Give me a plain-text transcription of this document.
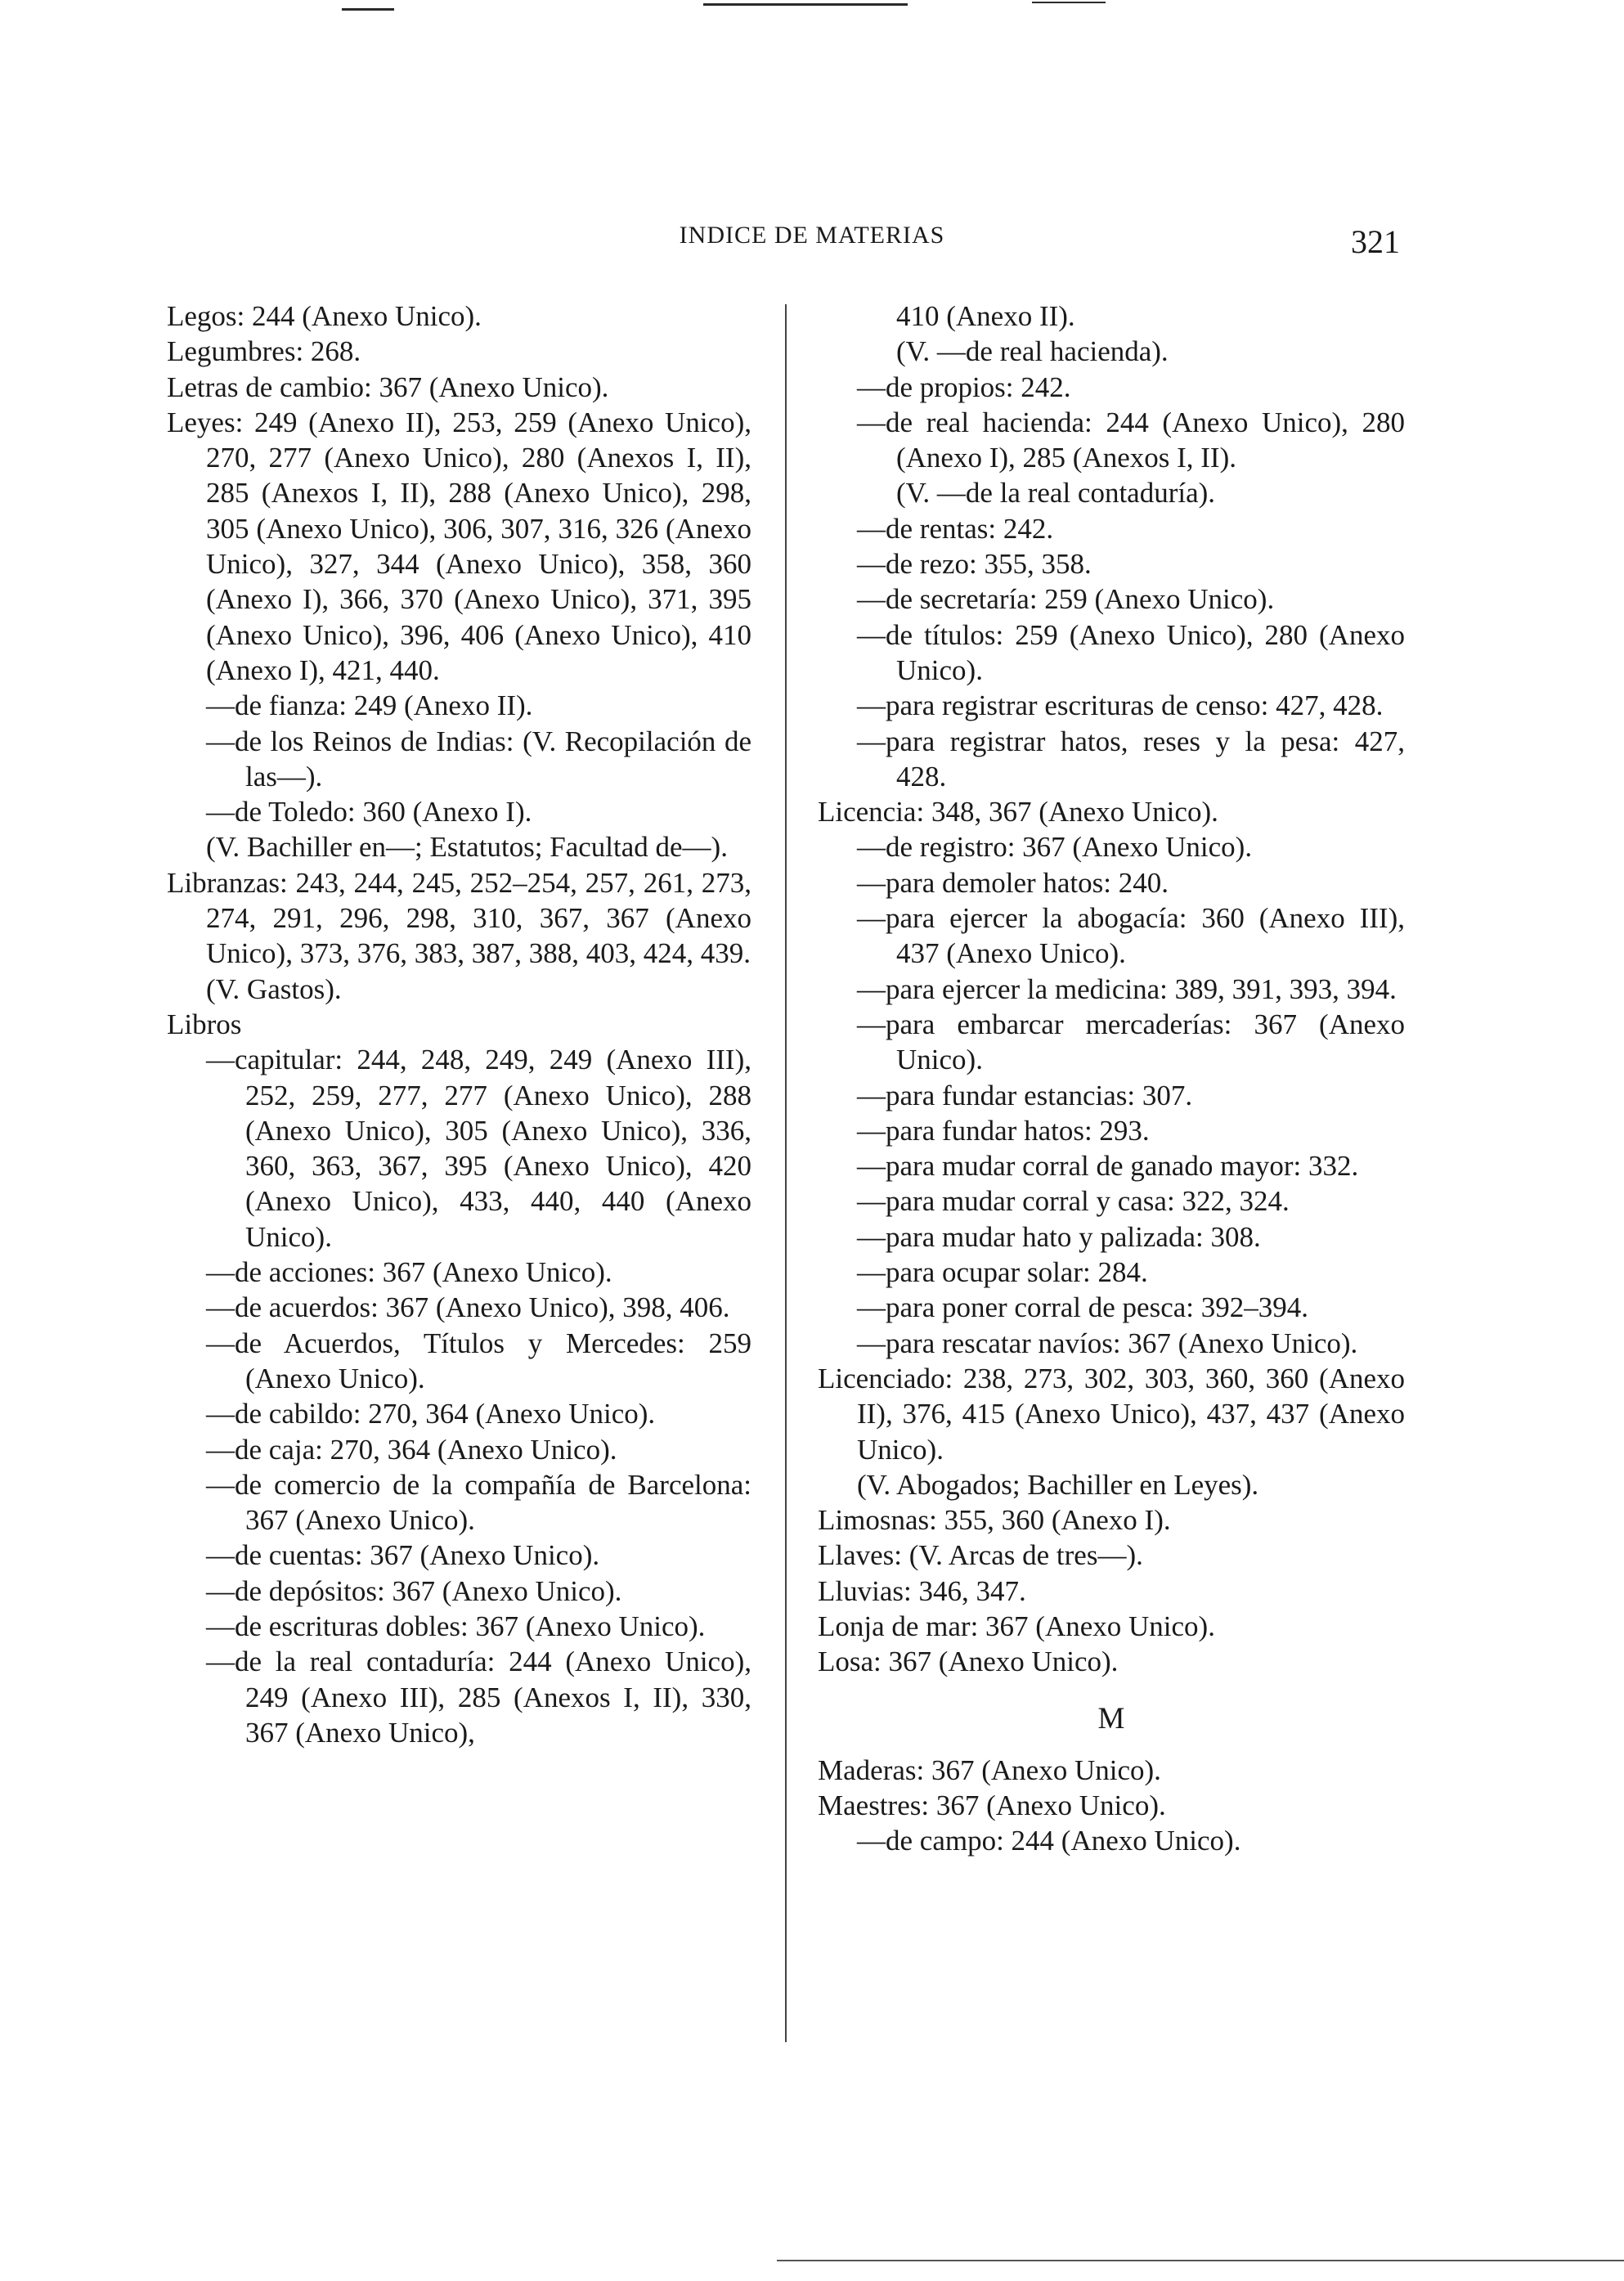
INDICE DE MATERIAS	321

Legos: 244 (Anexo Unico).

Legumbres: 268.

Letras de cambio: 367 (Anexo Unico).

Leyes: 249 (Anexo II), 253, 259 (Anexo Unico), 270, 277 (Anexo Unico), 280 (Anexos I, II), 285 (Anexos I, II), 288 (Anexo Unico), 298, 305 (Anexo Unico), 306, 307, 316, 326 (Anexo Unico), 327, 344 (Anexo Unico), 358, 360 (Anexo I), 366, 370 (Anexo Unico), 371, 395 (Anexo Unico), 396, 406 (Anexo Unico), 410 (Anexo I), 421, 440.

—de fianza: 249 (Anexo II).

—de los Reinos de Indias: (V. Recopilación de las—).

—de Toledo: 360 (Anexo I).

(V. Bachiller en—; Estatutos; Facultad de—).

Libranzas: 243, 244, 245, 252–254, 257, 261, 273, 274, 291, 296, 298, 310, 367, 367 (Anexo Unico), 373, 376, 383, 387, 388, 403, 424, 439.

(V. Gastos).

Libros

—capitular: 244, 248, 249, 249 (Anexo III), 252, 259, 277, 277 (Anexo Unico), 288 (Anexo Unico), 305 (Anexo Unico), 336, 360, 363, 367, 395 (Anexo Unico), 420 (Anexo Unico), 433, 440, 440 (Anexo Unico).

—de acciones: 367 (Anexo Unico).

—de acuerdos: 367 (Anexo Unico), 398, 406.

—de Acuerdos, Títulos y Mercedes: 259 (Anexo Unico).

—de cabildo: 270, 364 (Anexo Unico).

—de caja: 270, 364 (Anexo Unico).

—de comercio de la compañía de Barcelona: 367 (Anexo Unico).

—de cuentas: 367 (Anexo Unico).

—de depósitos: 367 (Anexo Unico).

—de escrituras dobles: 367 (Anexo Unico).

—de la real contaduría: 244 (Anexo Unico), 249 (Anexo III), 285 (Anexos I, II), 330, 367 (Anexo Unico),

410 (Anexo II).

(V. —de real hacienda).

—de propios: 242.

—de real hacienda: 244 (Anexo Unico), 280 (Anexo I), 285 (Anexos I, II).

(V. —de la real contaduría).

—de rentas: 242.

—de rezo: 355, 358.

—de secretaría: 259 (Anexo Unico).

—de títulos: 259 (Anexo Unico), 280 (Anexo Unico).

—para registrar escrituras de censo: 427, 428.

—para registrar hatos, reses y la pesa: 427, 428.

Licencia: 348, 367 (Anexo Unico).

—de registro: 367 (Anexo Unico).

—para demoler hatos: 240.

—para ejercer la abogacía: 360 (Anexo III), 437 (Anexo Unico).

—para ejercer la medicina: 389, 391, 393, 394.

—para embarcar mercaderías: 367 (Anexo Unico).

—para fundar estancias: 307.

—para fundar hatos: 293.

—para mudar corral de ganado mayor: 332.

—para mudar corral y casa: 322, 324.

—para mudar hato y palizada: 308.

—para ocupar solar: 284.

—para poner corral de pesca: 392–394.

—para rescatar navíos: 367 (Anexo Unico).

Licenciado: 238, 273, 302, 303, 360, 360 (Anexo II), 376, 415 (Anexo Unico), 437, 437 (Anexo Unico).

(V. Abogados; Bachiller en Leyes).

Limosnas: 355, 360 (Anexo I).

Llaves: (V. Arcas de tres—).

Lluvias: 346, 347.

Lonja de mar: 367 (Anexo Unico).

Losa: 367 (Anexo Unico).

M

Maderas: 367 (Anexo Unico).

Maestres: 367 (Anexo Unico).

—de campo: 244 (Anexo Unico).
